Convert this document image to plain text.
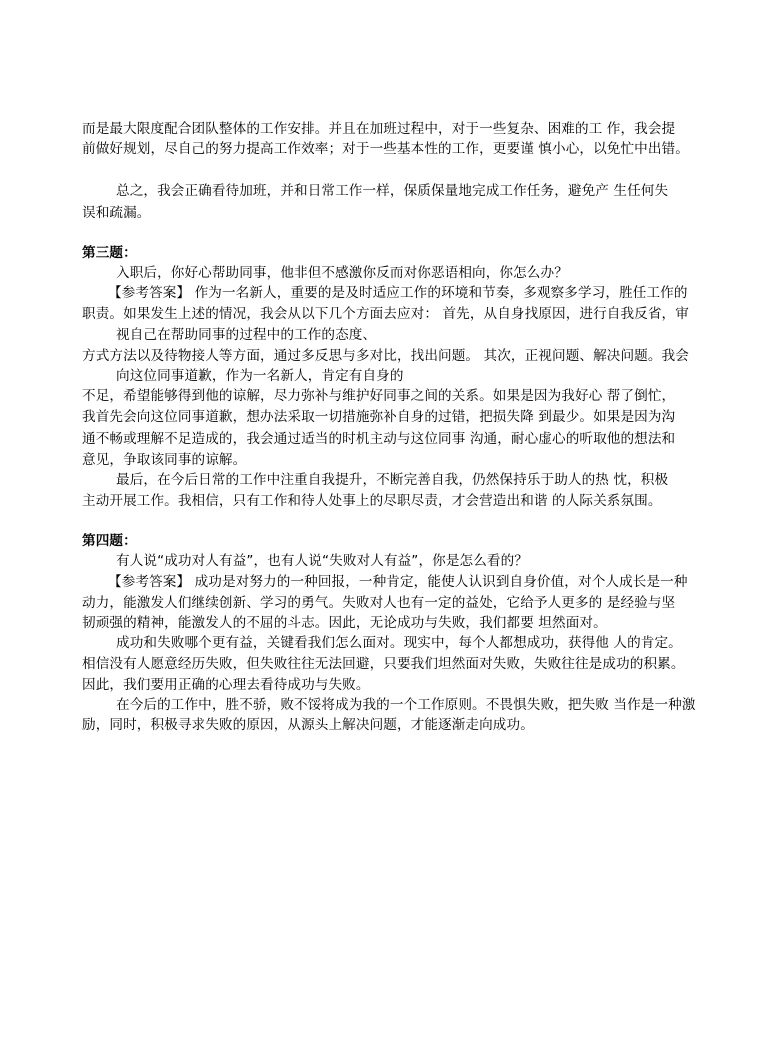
而是最大限度配合团队整体的工作安排。并且在加班过程中，对于一些复杂、困难的工 作，我会提
前做好规划，尽自己的努力提高工作效率；对于一些基本性的工作，更要谨 慎小心，以免忙中出错。
总之，我会正确看待加班，并和日常工作一样，保质保量地完成工作任务，避免产 生任何失
误和疏漏。
第三题：
入职后，你好心帮助同事，他非但不感激你反而对你恶语相向，你怎么办？
【参考答案】 作为一名新人，重要的是及时适应工作的环境和节奏，多观察多学习，胜任工作的
职责。如果发生上述的情况，我会从以下几个方面去应对： 首先，从自身找原因，进行自我反省，审
视自己在帮助同事的过程中的工作的态度、
方式方法以及待物接人等方面，通过多反思与多对比，找出问题。 其次，正视问题、解决问题。我会
向这位同事道歉，作为一名新人，肯定有自身的
不足，希望能够得到他的谅解，尽力弥补与维护好同事之间的关系。如果是因为我好心 帮了倒忙，
我首先会向这位同事道歉，想办法采取一切措施弥补自身的过错，把损失降 到最少。如果是因为沟
通不畅或理解不足造成的，我会通过适当的时机主动与这位同事 沟通，耐心虚心的听取他的想法和
意见，争取该同事的谅解。
最后，在今后日常的工作中注重自我提升，不断完善自我，仍然保持乐于助人的热 忱，积极
主动开展工作。我相信，只有工作和待人处事上的尽职尽责，才会营造出和谐 的人际关系氛围。
第四题：
有人说“成功对人有益”，也有人说“失败对人有益”，你是怎么看的？
【参考答案】 成功是对努力的一种回报，一种肯定，能使人认识到自身价值，对个人成长是一种
动力，能激发人们继续创新、学习的勇气。失败对人也有一定的益处，它给予人更多的 是经验与坚
韧顽强的精神，能激发人的不屈的斗志。因此，无论成功与失败，我们都要 坦然面对。
成功和失败哪个更有益，关键看我们怎么面对。现实中，每个人都想成功，获得他 人的肯定。
相信没有人愿意经历失败，但失败往往无法回避，只要我们坦然面对失败，失败往往是成功的积累。
因此，我们要用正确的心理去看待成功与失败。
在今后的工作中，胜不骄，败不馁将成为我的一个工作原则。不畏惧失败，把失败 当作是一种激
励，同时，积极寻求失败的原因，从源头上解决问题，才能逐渐走向成功。
